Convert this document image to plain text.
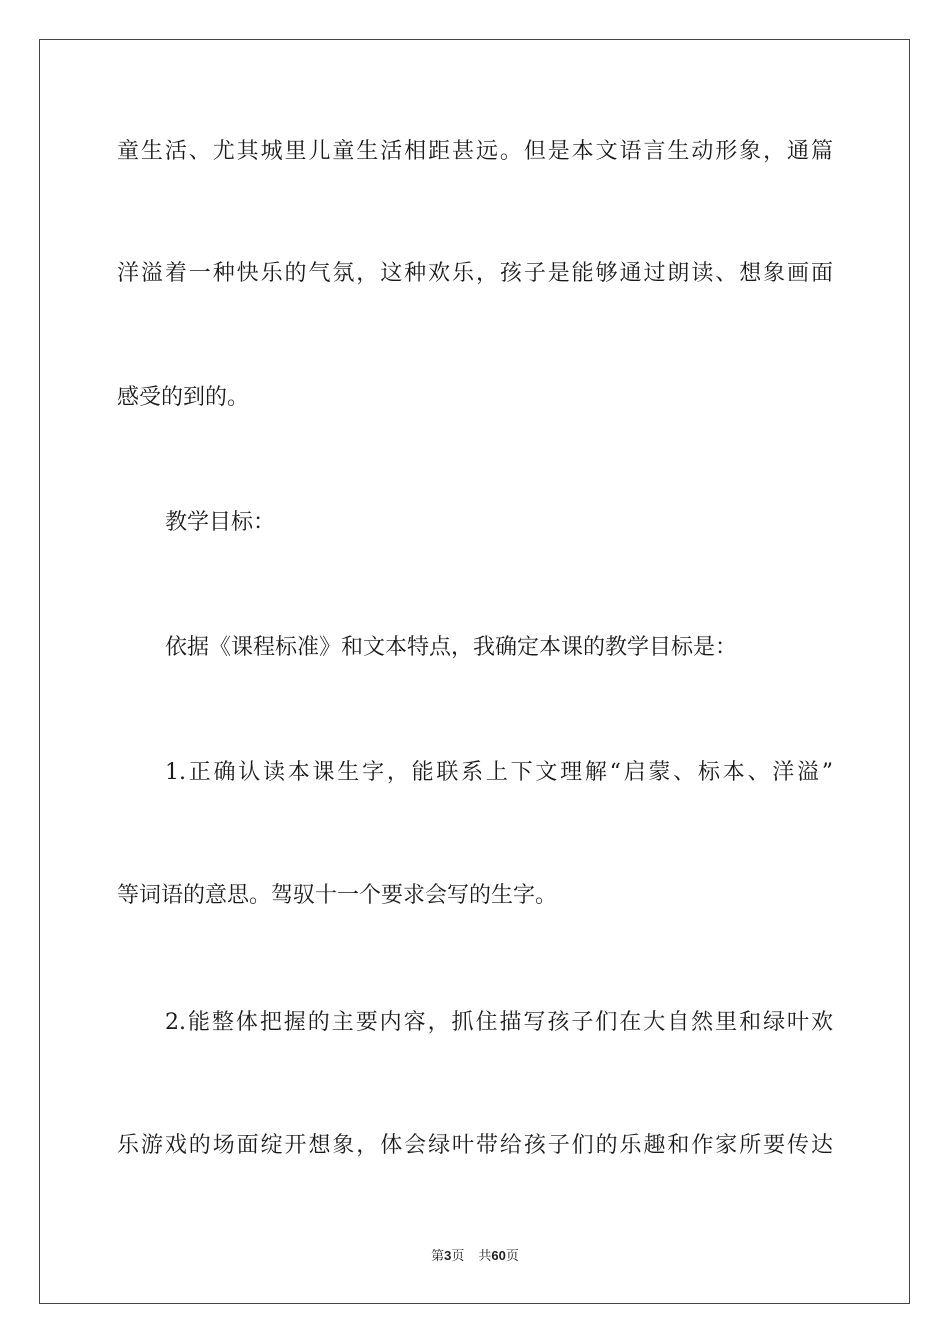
童生活、尤其城里儿童生活相距甚远。但是本文语言生动形象，通篇
洋溢着一种快乐的气氛，这种欢乐，孩子是能够通过朗读、想象画面
感受的到的。
教学目标：
依据《课程标准》和文本特点，我确定本课的教学目标是：
1.正确认读本课生字，能联系上下文理解“启蒙、标本、洋溢”
等词语的意思。驾驭十一个要求会写的生字。
2.能整体把握的主要内容，抓住描写孩子们在大自然里和绿叶欢
乐游戏的场面绽开想象，体会绿叶带给孩子们的乐趣和作家所要传达
第3页 共60页
